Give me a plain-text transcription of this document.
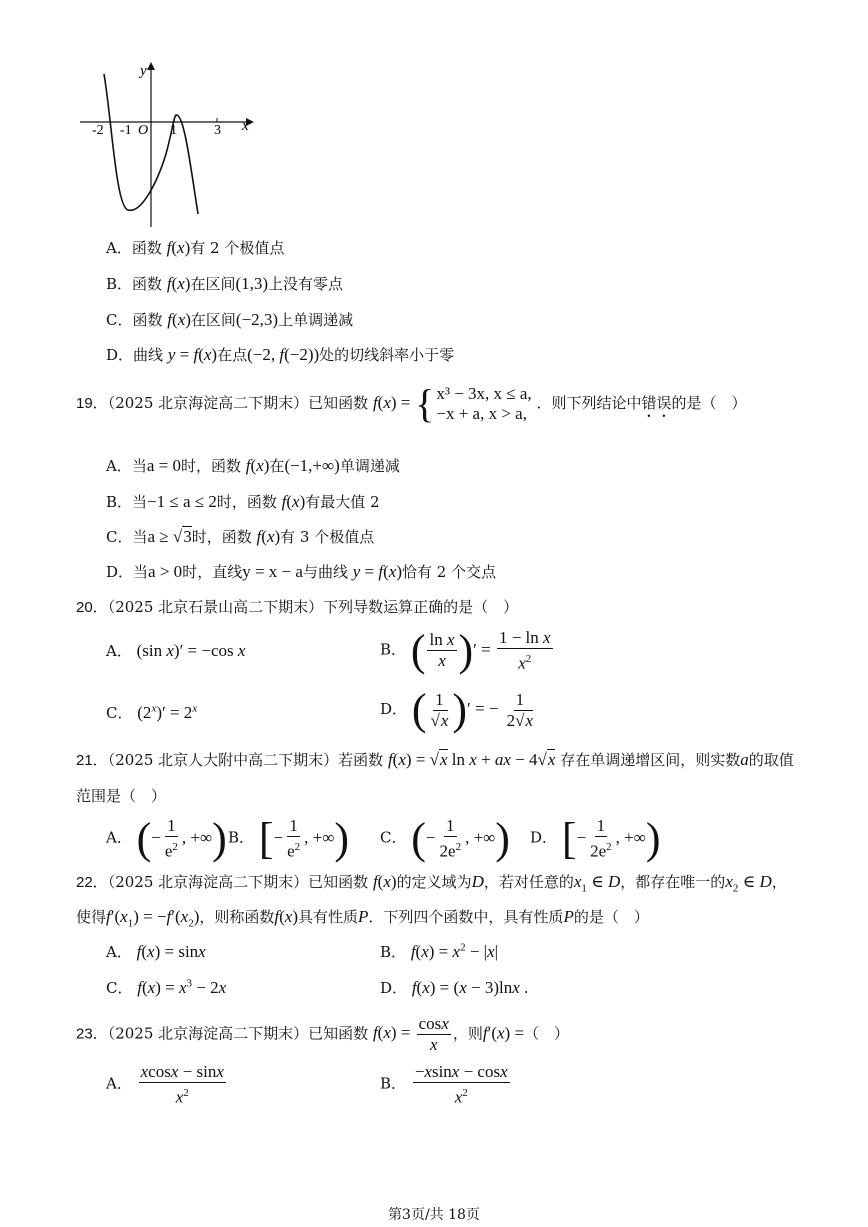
y
x
-2 -1 O 1	3
A．函数 f(x)有 2 个极值点
B．函数 f(x)在区间(1,3)上没有零点
C．函数 f(x)在区间(−2,3)上单调递减
D．曲线 y = f(x)在点(−2, f(−2))处的切线斜率小于零
19．（2025 北京海淀高二下期末）已知函数 f(x) = { x³ − 3x, x ≤ a,
−x + a, x > a,
．则下列结论中错误的是（　）
A．当a = 0时，函数 f(x)在(−1,+∞)单调递减
B．当−1 ≤ a ≤ 2时，函数 f(x)有最大值 2
C．当a ≥ √3时，函数 f(x)有 3 个极值点
D．当a > 0时，直线y = x − a与曲线 y = f(x)恰有 2 个交点
20．（2025 北京石景山高二下期末）下列导数运算正确的是（　）
A． (sin x)′ = −cos x	B． ( $\frac{\text{ln x}}{x}$ )′ = $\frac{\text{1 − ln x}}{x^2}$
C． $(2^x)' = 2^x$	D． ( $\frac{1}{√x}$ )′ = − $\frac{1}{2√x}$
21．（2025 北京人大附中高二下期末）若函数 f(x) = √x ln x + ax − 4√x 存在单调递增区间，则实数a的取值
范围是（　）
A． (− $\frac{1}{e^2}$ , +∞) B． [− $\frac{1}{e^2}$ , +∞) C． (− $\frac{1}{2e^2}$ , +∞) D． [− $\frac{1}{2e^2}$ , +∞)
22．（2025 北京海淀高二下期末）已知函数 f(x)的定义域为D，若对任意的$x_1$ ∈ D，都存在唯一的$x_2$ ∈ D，
使得$f'(x_1) = -f'(x_2)$，则称函数f(x)具有性质P．下列四个函数中，具有性质P的是（　）
A． f(x) = sinx	B． $f(x) = x^2 - |x|$
C． $f(x) = x^3 - 2x$	D． f(x) = (x − 3)lnx .
23．（2025 北京海淀高二下期末）已知函数 $f(x) = \frac{\cos x}{x}$ ，则f′(x) =（　）
A． $\frac{xcosx - \sin x}{x^2}$	B． $\frac{-xsinx - \cos x}{x^2}$
第3页/共 18页
